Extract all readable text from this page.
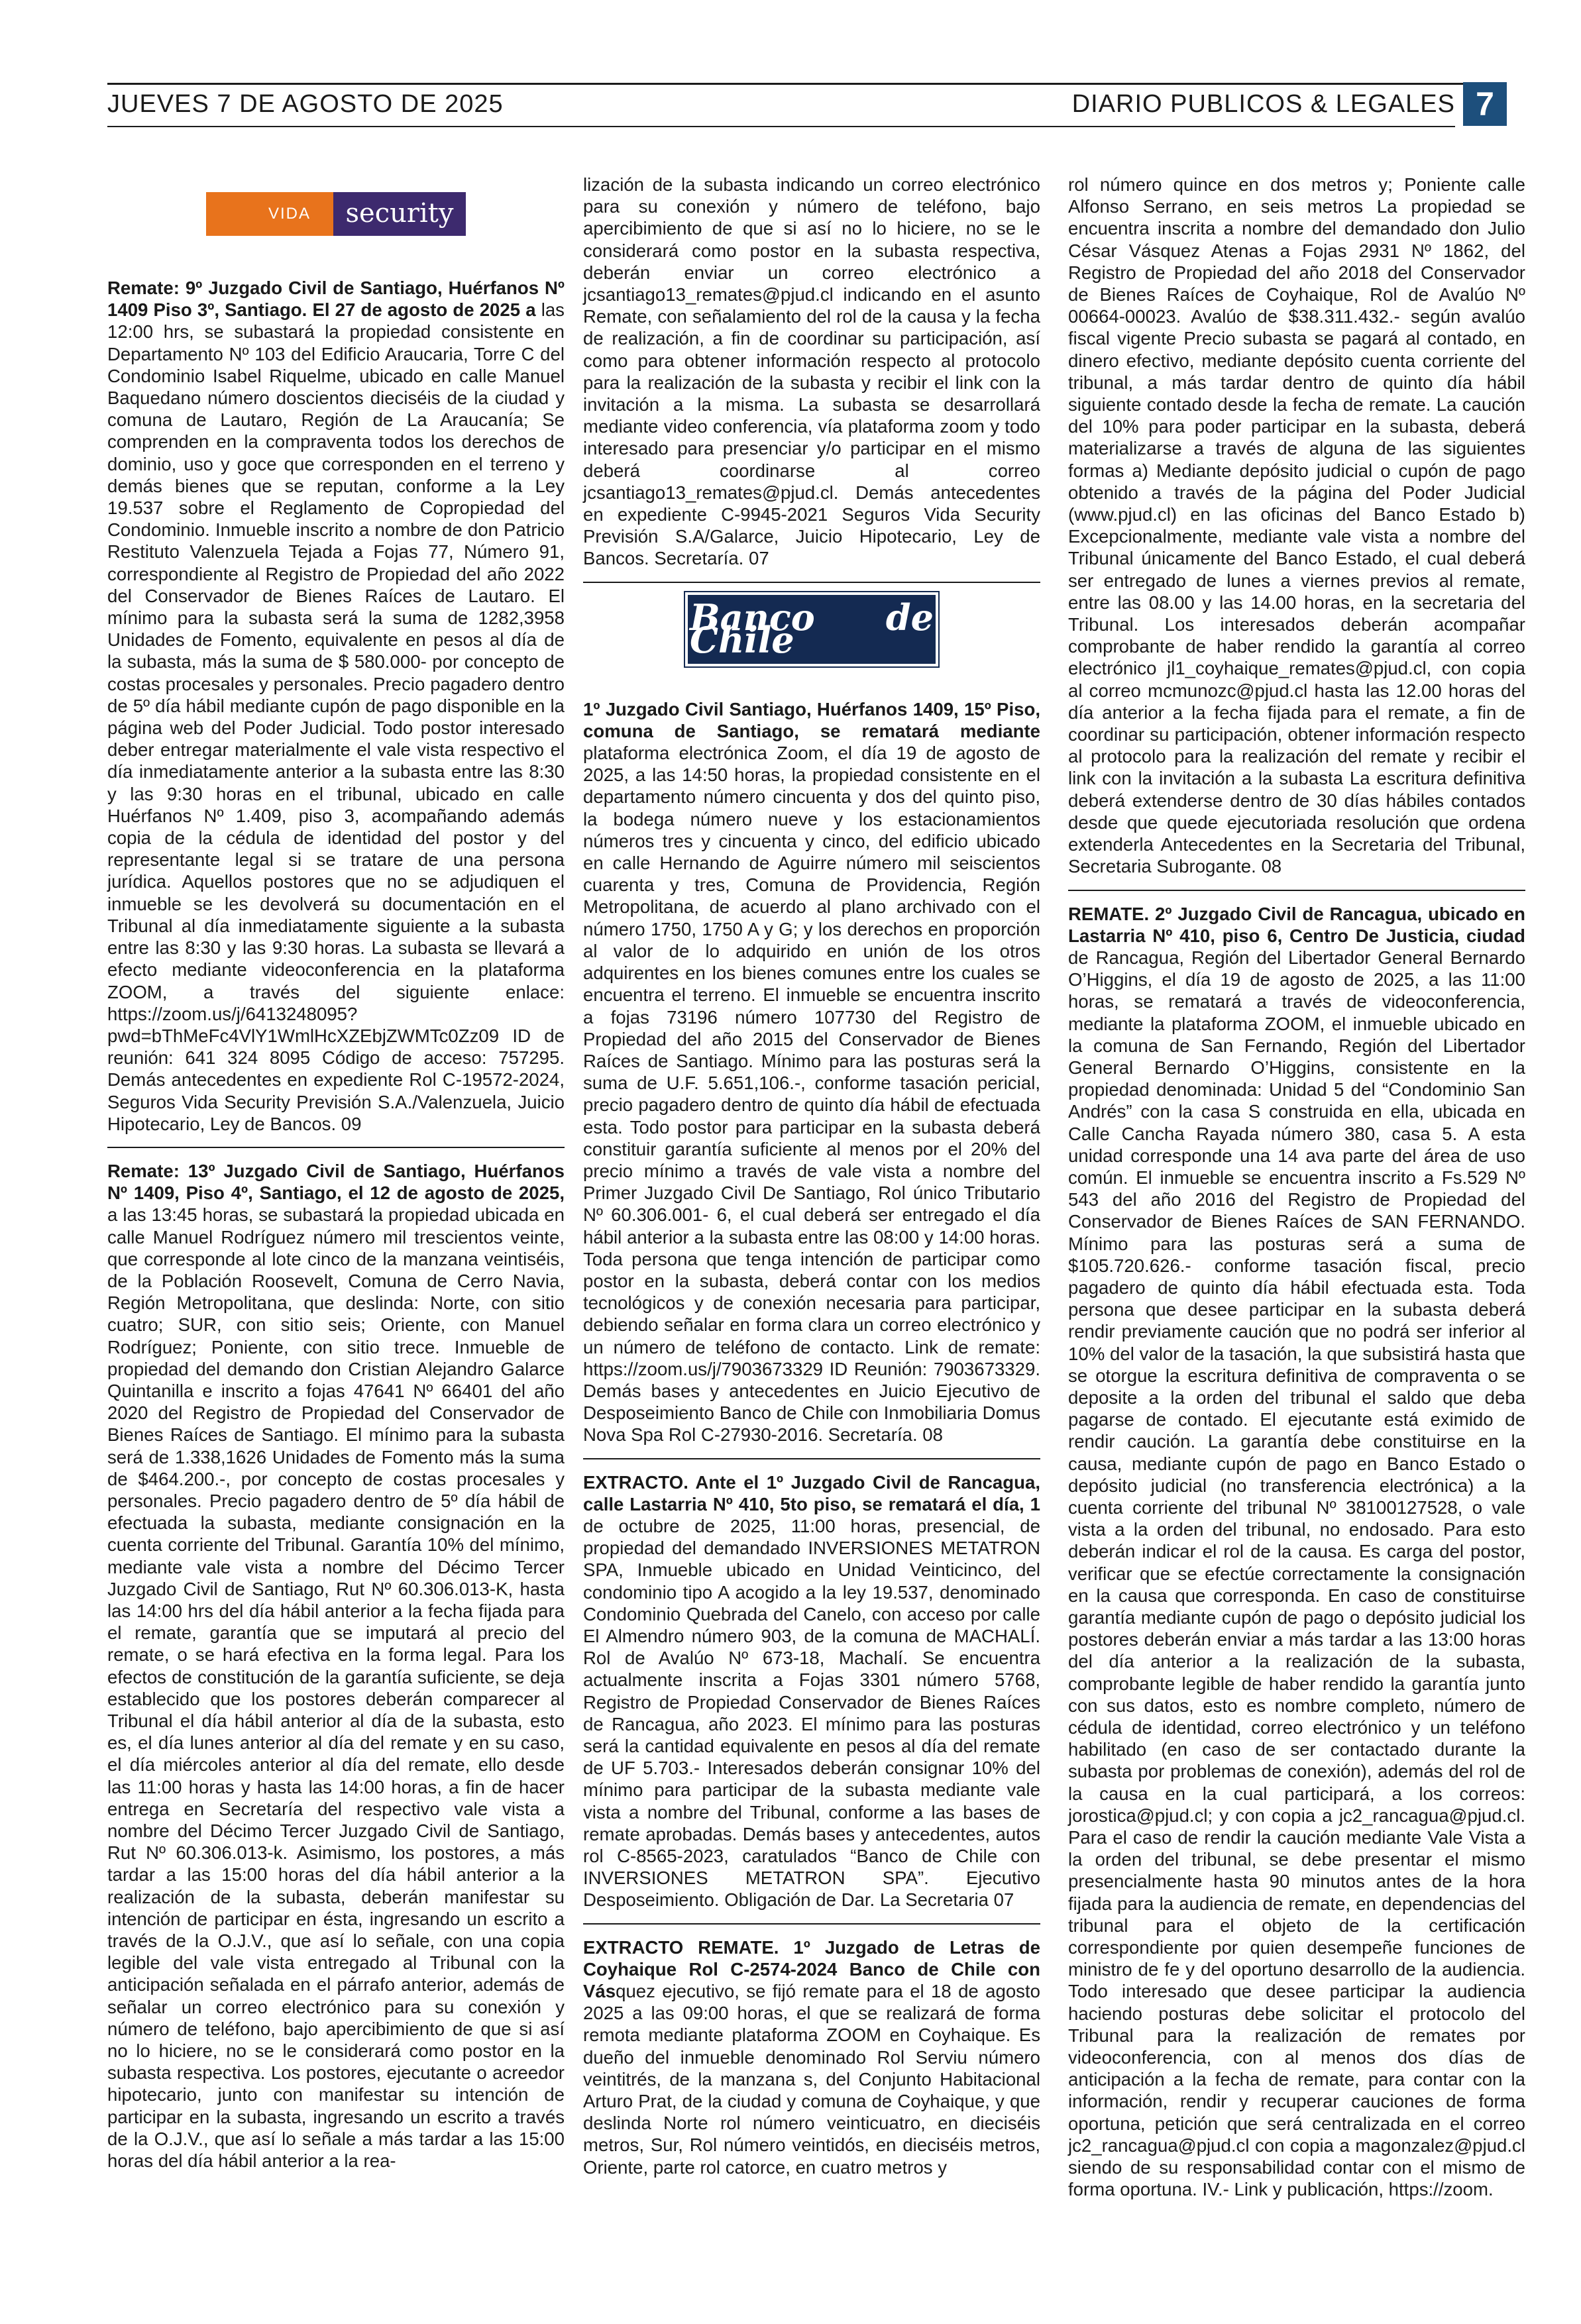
JUEVES 7 DE AGOSTO DE 2025	DIARIO PUBLICOS & LEGALES 7
VIDA	security

Remate: 9º Juzgado Civil de Santiago, Huérfanos Nº 1409 Piso 3º, Santiago. El 27 de agosto de 2025 a las 12:00 hrs, se subastará la propiedad consistente en Departamento Nº 103 del Edificio Araucaria, Torre C del Condominio Isabel Riquelme, ubicado en calle Manuel Baquedano número doscientos dieciséis de la ciudad y comuna de Lautaro, Región de La Araucanía; Se comprenden en la compraventa todos los derechos de dominio, uso y goce que corresponden en el terreno y demás bienes que se reputan, conforme a la Ley 19.537 sobre el Reglamento de Copropiedad del Condominio. Inmueble inscrito a nombre de don Patricio Restituto Valenzuela Tejada a Fojas 77, Número 91, correspondiente al Registro de Propiedad del año 2022 del Conservador de Bienes Raíces de Lautaro. El mínimo para la subasta será la suma de 1282,3958 Unidades de Fomento, equivalente en pesos al día de la subasta, más la suma de $ 580.000- por concepto de costas procesales y personales. Precio pagadero dentro de 5º día hábil mediante cupón de pago disponible en la página web del Poder Judicial. Todo postor interesado deber entregar materialmente el vale vista respectivo el día inmediatamente anterior a la subasta entre las 8:30 y las 9:30 horas en el tribunal, ubicado en calle Huérfanos Nº 1.409, piso 3, acompañando además copia de la cédula de identidad del postor y del representante legal si se tratare de una persona jurídica. Aquellos postores que no se adjudiquen el inmueble se les devolverá su documentación en el Tribunal al día inmediatamente siguiente a la subasta entre las 8:30 y las 9:30 horas. La subasta se llevará a efecto mediante videoconferencia en la plataforma ZOOM, a través del siguiente enlace: https://zoom.us/j/6413248095?pwd=bThMeFc4VlY1WmlHcXZEbjZWMTc0Zz09 ID de reunión: 641 324 8095 Código de acceso: 757295. Demás antecedentes en expediente Rol C-19572-2024, Seguros Vida Security Previsión S.A./Valenzuela, Juicio Hipotecario, Ley de Bancos. 09

Remate: 13º Juzgado Civil de Santiago, Huérfanos Nº 1409, Piso 4º, Santiago, el 12 de agosto de 2025, a las 13:45 horas, se subastará la propiedad ubicada en calle Manuel Rodríguez número mil trescientos veinte, que corresponde al lote cinco de la manzana veintiséis, de la Población Roosevelt, Comuna de Cerro Navia, Región Metropolitana, que deslinda: Norte, con sitio cuatro; SUR, con sitio seis; Oriente, con Manuel Rodríguez; Poniente, con sitio trece. Inmueble de propiedad del demando don Cristian Alejandro Galarce Quintanilla e inscrito a fojas 47641 Nº 66401 del año 2020 del Registro de Propiedad del Conservador de Bienes Raíces de Santiago. El mínimo para la subasta será de 1.338,1626 Unidades de Fomento más la suma de $464.200.-, por concepto de costas procesales y personales. Precio pagadero dentro de 5º día hábil de efectuada la subasta, mediante consignación en la cuenta corriente del Tribunal. Garantía 10% del mínimo, mediante vale vista a nombre del Décimo Tercer Juzgado Civil de Santiago, Rut Nº 60.306.013-K, hasta las 14:00 hrs del día hábil anterior a la fecha fijada para el remate, garantía que se imputará al precio del remate, o se hará efectiva en la forma legal. Para los efectos de constitución de la garantía suficiente, se deja establecido que los postores deberán comparecer al Tribunal el día hábil anterior al día de la subasta, esto es, el día lunes anterior al día del remate y en su caso, el día miércoles anterior al día del remate, ello desde las 11:00 horas y hasta las 14:00 horas, a fin de hacer entrega en Secretaría del respectivo vale vista a nombre del Décimo Tercer Juzgado Civil de Santiago, Rut Nº 60.306.013-k. Asimismo, los postores, a más tardar a las 15:00 horas del día hábil anterior a la realización de la subasta, deberán manifestar su intención de participar en ésta, ingresando un escrito a través de la O.J.V., que así lo señale, con una copia legible del vale vista entregado al Tribunal con la anticipación señalada en el párrafo anterior, además de señalar un correo electrónico para su conexión y número de teléfono, bajo apercibimiento de que si así no lo hiciere, no se le considerará como postor en la subasta respectiva. Los postores, ejecutante o acreedor hipotecario, junto con manifestar su intención de participar en la subasta, ingresando un escrito a través de la O.J.V., que así lo señale a más tardar a las 15:00 horas del día hábil anterior a la rea-

lización de la subasta indicando un correo electrónico para su conexión y número de teléfono, bajo apercibimiento de que si así no lo hiciere, no se le considerará como postor en la subasta respectiva, deberán enviar un correo electrónico a jcsantiago13_remates@pjud.cl indicando en el asunto Remate, con señalamiento del rol de la causa y la fecha de realización, a fin de coordinar su participación, así como para obtener información respecto al protocolo para la realización de la subasta y recibir el link con la invitación a la misma. La subasta se desarrollará mediante video conferencia, vía plataforma zoom y todo interesado para presenciar y/o participar en el mismo deberá coordinarse al correo jcsantiago13_remates@pjud.cl. Demás antecedentes en expediente C-9945-2021 Seguros Vida Security Previsión S.A/Galarce, Juicio Hipotecario, Ley de Bancos. Secretaría. 07

Banco de Chile

1º Juzgado Civil Santiago, Huérfanos 1409, 15º Piso, comuna de Santiago, se rematará mediante plataforma electrónica Zoom, el día 19 de agosto de 2025, a las 14:50 horas, la propiedad consistente en el departamento número cincuenta y dos del quinto piso, la bodega número nueve y los estacionamientos números tres y cincuenta y cinco, del edificio ubicado en calle Hernando de Aguirre número mil seiscientos cuarenta y tres, Comuna de Providencia, Región Metropolitana, de acuerdo al plano archivado con el número 1750, 1750 A y G; y los derechos en proporción al valor de lo adquirido en unión de los otros adquirentes en los bienes comunes entre los cuales se encuentra el terreno. El inmueble se encuentra inscrito a fojas 73196 número 107730 del Registro de Propiedad del año 2015 del Conservador de Bienes Raíces de Santiago. Mínimo para las posturas será la suma de U.F. 5.651,106.-, conforme tasación pericial, precio pagadero dentro de quinto día hábil de efectuada esta. Todo postor para participar en la subasta deberá constituir garantía suficiente al menos por el 20% del precio mínimo a través de vale vista a nombre del Primer Juzgado Civil De Santiago, Rol único Tributario Nº 60.306.001- 6, el cual deberá ser entregado el día hábil anterior a la subasta entre las 08:00 y 14:00 horas. Toda persona que tenga intención de participar como postor en la subasta, deberá contar con los medios tecnológicos y de conexión necesaria para participar, debiendo señalar en forma clara un correo electrónico y un número de teléfono de contacto. Link de remate: https://zoom.us/j/7903673329 ID Reunión: 7903673329. Demás bases y antecedentes en Juicio Ejecutivo de Desposeimiento Banco de Chile con Inmobiliaria Domus Nova Spa Rol C-27930-2016. Secretaría. 08

EXTRACTO. Ante el 1º Juzgado Civil de Rancagua, calle Lastarria Nº 410, 5to piso, se rematará el día, 1 de octubre de 2025, 11:00 horas, presencial, de propiedad del demandado INVERSIONES METATRON SPA, Inmueble ubicado en Unidad Veinticinco, del condominio tipo A acogido a la ley 19.537, denominado Condominio Quebrada del Canelo, con acceso por calle El Almendro número 903, de la comuna de MACHALÍ. Rol de Avalúo Nº 673-18, Machalí. Se encuentra actualmente inscrita a Fojas 3301 número 5768, Registro de Propiedad Conservador de Bienes Raíces de Rancagua, año 2023. El mínimo para las posturas será la cantidad equivalente en pesos al día del remate de UF 5.703.- Interesados deberán consignar 10% del mínimo para participar de la subasta mediante vale vista a nombre del Tribunal, conforme a las bases de remate aprobadas. Demás bases y antecedentes, autos rol C-8565-2023, caratulados “Banco de Chile con INVERSIONES METATRON SPA”. Ejecutivo Desposeimiento. Obligación de Dar. La Secretaria 07

EXTRACTO REMATE. 1º Juzgado de Letras de Coyhaique Rol C-2574-2024 Banco de Chile con Vásquez ejecutivo, se fijó remate para el 18 de agosto 2025 a las 09:00 horas, el que se realizará de forma remota mediante plataforma ZOOM en Coyhaique. Es dueño del inmueble denominado Rol Serviu número veintitrés, de la manzana s, del Conjunto Habitacional Arturo Prat, de la ciudad y comuna de Coyhaique, y que deslinda Norte rol número veinticuatro, en dieciséis metros, Sur, Rol número veintidós, en dieciséis metros, Oriente, parte rol catorce, en cuatro metros y

rol número quince en dos metros y; Poniente calle Alfonso Serrano, en seis metros La propiedad se encuentra inscrita a nombre del demandado don Julio César Vásquez Atenas a Fojas 2931 Nº 1862, del Registro de Propiedad del año 2018 del Conservador de Bienes Raíces de Coyhaique, Rol de Avalúo Nº 00664-00023. Avalúo de $38.311.432.- según avalúo fiscal vigente Precio subasta se pagará al contado, en dinero efectivo, mediante depósito cuenta corriente del tribunal, a más tardar dentro de quinto día hábil siguiente contado desde la fecha de remate. La caución del 10% para poder participar en la subasta, deberá materializarse a través de alguna de las siguientes formas a) Mediante depósito judicial o cupón de pago obtenido a través de la página del Poder Judicial (www.pjud.cl) en las oficinas del Banco Estado b) Excepcionalmente, mediante vale vista a nombre del Tribunal únicamente del Banco Estado, el cual deberá ser entregado de lunes a viernes previos al remate, entre las 08.00 y las 14.00 horas, en la secretaria del Tribunal. Los interesados deberán acompañar comprobante de haber rendido la garantía al correo electrónico jl1_coyhaique_remates@pjud.cl, con copia al correo mcmunozc@pjud.cl hasta las 12.00 horas del día anterior a la fecha fijada para el remate, a fin de coordinar su participación, obtener información respecto al protocolo para la realización del remate y recibir el link con la invitación a la subasta La escritura definitiva deberá extenderse dentro de 30 días hábiles contados desde que quede ejecutoriada resolución que ordena extenderla Antecedentes en la Secretaria del Tribunal, Secretaria Subrogante. 08

REMATE. 2º Juzgado Civil de Rancagua, ubicado en Lastarria Nº 410, piso 6, Centro De Justicia, ciudad de Rancagua, Región del Libertador General Bernardo O’Higgins, el día 19 de agosto de 2025, a las 11:00 horas, se rematará a través de videoconferencia, mediante la plataforma ZOOM, el inmueble ubicado en la comuna de San Fernando, Región del Libertador General Bernardo O’Higgins, consistente en la propiedad denominada: Unidad 5 del “Condominio San Andrés” con la casa S construida en ella, ubicada en Calle Cancha Rayada número 380, casa 5. A esta unidad corresponde una 14 ava parte del área de uso común. El inmueble se encuentra inscrito a Fs.529 Nº 543 del año 2016 del Registro de Propiedad del Conservador de Bienes Raíces de SAN FERNANDO. Mínimo para las posturas será a suma de $105.720.626.- conforme tasación fiscal, precio pagadero de quinto día hábil efectuada esta. Toda persona que desee participar en la subasta deberá rendir previamente caución que no podrá ser inferior al 10% del valor de la tasación, la que subsistirá hasta que se otorgue la escritura definitiva de compraventa o se deposite a la orden del tribunal el saldo que deba pagarse de contado. El ejecutante está eximido de rendir caución. La garantía debe constituirse en la causa, mediante cupón de pago en Banco Estado o depósito judicial (no transferencia electrónica) a la cuenta corriente del tribunal Nº 38100127528, o vale vista a la orden del tribunal, no endosado. Para esto deberán indicar el rol de la causa. Es carga del postor, verificar que se efectúe correctamente la consignación en la causa que corresponda. En caso de constituirse garantía mediante cupón de pago o depósito judicial los postores deberán enviar a más tardar a las 13:00 horas del día anterior a la realización de la subasta, comprobante legible de haber rendido la garantía junto con sus datos, esto es nombre completo, número de cédula de identidad, correo electrónico y un teléfono habilitado (en caso de ser contactado durante la subasta por problemas de conexión), además del rol de la causa en la cual participará, a los correos: jorostica@pjud.cl; y con copia a jc2_rancagua@pjud.cl. Para el caso de rendir la caución mediante Vale Vista a la orden del tribunal, se debe presentar el mismo presencialmente hasta 90 minutos antes de la hora fijada para la audiencia de remate, en dependencias del tribunal para el objeto de la certificación correspondiente por quien desempeñe funciones de ministro de fe y del oportuno desarrollo de la audiencia. Todo interesado que desee participar la audiencia haciendo posturas debe solicitar el protocolo del Tribunal para la realización de remates por videoconferencia, con al menos dos días de anticipación a la fecha de remate, para contar con la información, rendir y recuperar cauciones de forma oportuna, petición que será centralizada en el correo jc2_rancagua@pjud.cl con copia a magonzalez@pjud.cl siendo de su responsabilidad contar con el mismo de forma oportuna. IV.- Link y publicación, https://zoom.
